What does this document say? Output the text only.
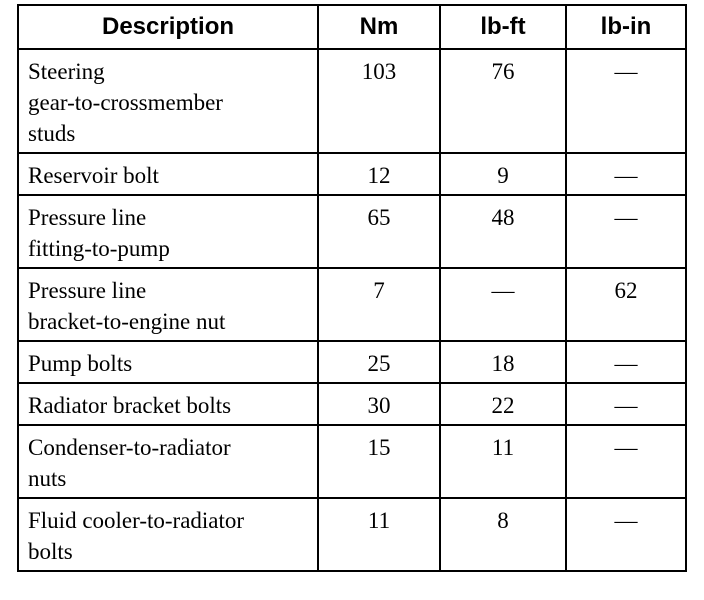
Description	Nm	lb-ft	lb-in

Steering
gear-to-crossmember
studs	103	76	—

Reservoir bolt	12	9	—

Pressure line
fitting-to-pump	65	48	—

Pressure line
bracket-to-engine nut	7	—	62

Pump bolts	25	18	—

Radiator bracket bolts	30	22	—

Condenser-to-radiator
nuts	15	11	—

Fluid cooler-to-radiator
bolts	11	8	—
